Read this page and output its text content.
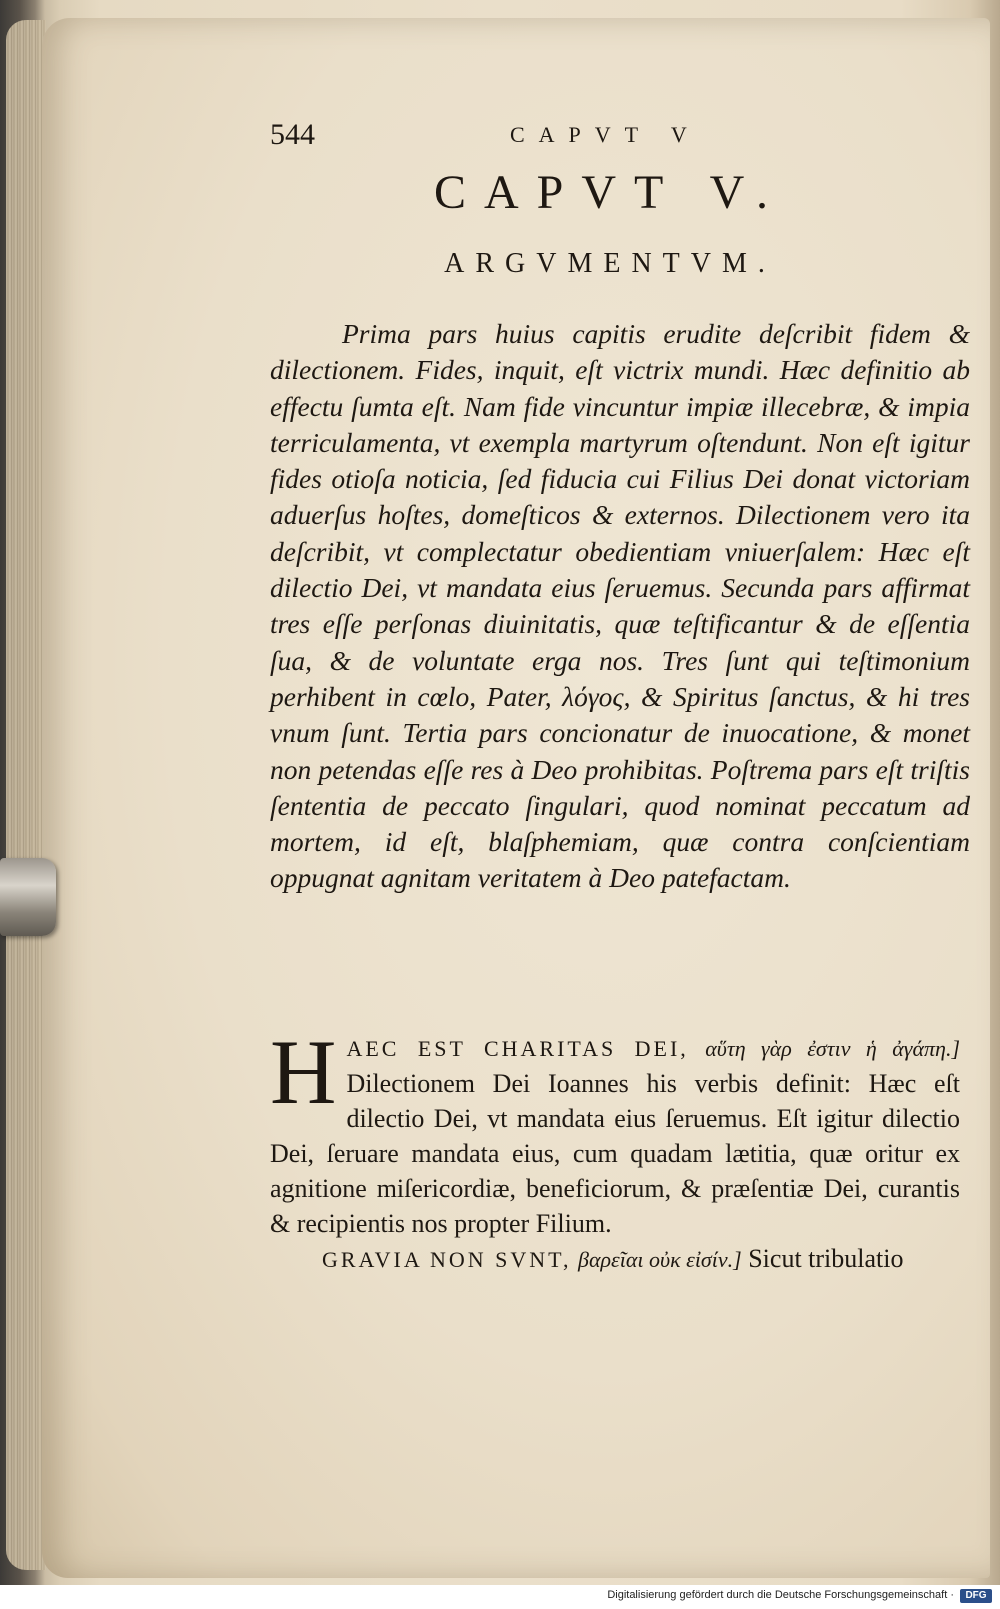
544	CAPVT V
CAPVT V.
ARGVMENTVM.
Prima pars huius capitis erudite deſcribit fidem & dilectionem. Fides, inquit, eſt victrix mundi. Hæc definitio ab effectu ſumta eſt. Nam fide vincuntur impiæ illecebræ, & impia terriculamenta, vt exempla martyrum oſtendunt. Non eſt igitur fides otioſa noticia, ſed fiducia cui Filius Dei donat victoriam aduerſus hoſtes, domeſticos & externos. Dilectionem vero ita deſcribit, vt complectatur obedientiam vniuerſalem: Hæc eſt dilectio Dei, vt mandata eius ſeruemus. Secunda pars affirmat tres eſſe perſonas diuinitatis, quæ teſtificantur & de eſſentia ſua, & de voluntate erga nos. Tres ſunt qui teſtimonium perhibent in cœlo, Pater, λόγος, & Spiritus ſanctus, & hi tres vnum ſunt. Tertia pars concionatur de inuocatione, & monet non petendas eſſe res à Deo prohibitas. Poſtrema pars eſt triſtis ſententia de peccato ſingulari, quod nominat peccatum ad mortem, id eſt, blaſphemiam, quæ contra conſcientiam oppugnat agnitam veritatem à Deo patefactam.
H AEC EST CHARITAS DEI, αὕτη γὰρ ἐστιν ἡ ἀγάπη.] Dilectionem Dei Ioannes his verbis definit: Hæc eſt dilectio Dei, vt mandata eius ſeruemus. Eſt igitur dilectio Dei, ſeruare mandata eius, cum quadam lætitia, quæ oritur ex agnitione miſericordiæ, beneficiorum, & præſentiæ Dei, curantis & recipientis nos propter Filium.
GRAVIA NON SVNT, βαρεῖαι οὐκ εἰσίν.] Sicut tribulatio
Digitalisierung gefördert durch die Deutsche Forschungsgemeinschaft ·	DFG
